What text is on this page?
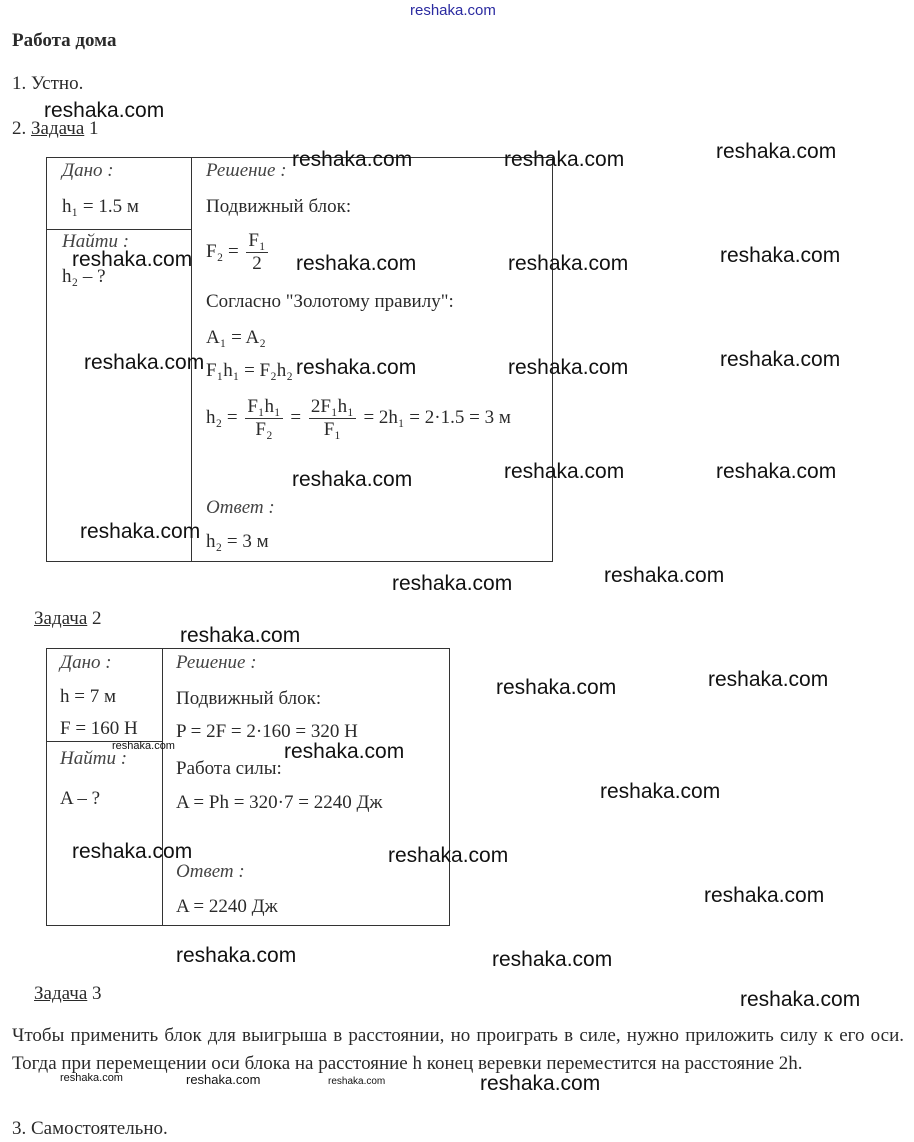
reshaka.com
Работа дома
1. Устно.
2. Задача 1
Дано :
h₁ = 1.5 м
Найти :
h₂ – ?
Решение :
Подвижный блок:
$F_2 = \frac{\text{F₁}}{2}$
Согласно "Золотому правилу":
A₁ = A₂
F₁h₁ = F₂h₂
$h_2 = \frac{\text{F₁h₁}}{\text{F₂}} = \frac{\text{2F₁h₁}}{\text{F₁}} = 2h_1 = 2\cdot 1.5 = 3$ м
Ответ :
h₂ = 3 м
Задача 2
Дано :
h = 7 м
F = 160 Н
Найти :
A – ?
Решение :
Подвижный блок:
P = 2F = 2·160 = 320 Н
Работа силы:
A = Ph = 320·7 = 2240 Дж
Ответ :
A = 2240 Дж
Задача 3
Чтобы применить блок для выигрыша в расстоянии, но проиграть в силе, нужно приложить силу к его оси. Тогда при перемещении оси блока на расстояние h конец веревки переместится на расстояние 2h.
3. Самостоятельно.
reshaka.com
reshaka.com	reshaka.com	reshaka.com
reshaka.com	reshaka.com	reshaka.com	reshaka.com
reshaka.com	reshaka.com	reshaka.com	reshaka.com
reshaka.com	reshaka.com	reshaka.com
reshaka.com
reshaka.com	reshaka.com
reshaka.com
reshaka.com	reshaka.com
reshaka.com	reshaka.com
reshaka.com
reshaka.com	reshaka.com
reshaka.com
reshaka.com	reshaka.com
reshaka.com
reshaka.com	reshaka.com	reshaka.com	reshaka.com
